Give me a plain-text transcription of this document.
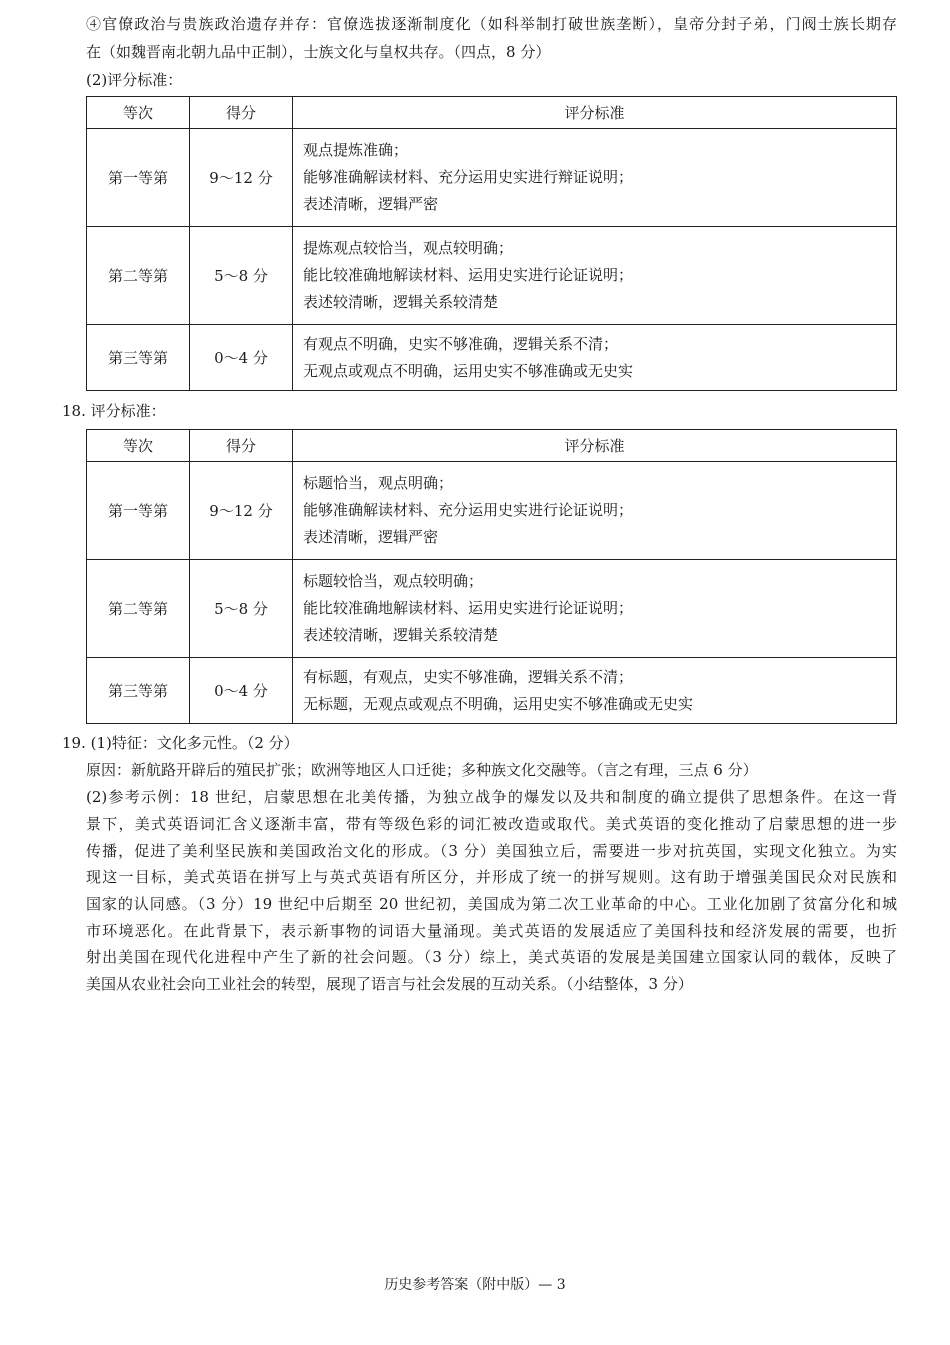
④官僚政治与贵族政治遗存并存：官僚选拔逐渐制度化（如科举制打破世族垄断），皇帝分封子弟，门阀士族长期存
在（如魏晋南北朝九品中正制），士族文化与皇权共存。（四点，8 分）
(2)评分标准：
等次	得分	评分标准
第一等第	9～12 分	观点提炼准确；
能够准确解读材料、充分运用史实进行辩证说明；
表述清晰，逻辑严密

第二等第	5～8 分	提炼观点较恰当，观点较明确；
能比较准确地解读材料、运用史实进行论证说明；
表述较清晰，逻辑关系较清楚

第三等第	0～4 分	有观点不明确，史实不够准确，逻辑关系不清；
无观点或观点不明确，运用史实不够准确或无史实
18. 评分标准：
等次	得分	评分标准
第一等第	9～12 分	标题恰当，观点明确；
能够准确解读材料、充分运用史实进行论证说明；
表述清晰，逻辑严密

第二等第	5～8 分	标题较恰当，观点较明确；
能比较准确地解读材料、运用史实进行论证说明；
表述较清晰，逻辑关系较清楚

第三等第	0～4 分	有标题，有观点，史实不够准确，逻辑关系不清；
无标题，无观点或观点不明确，运用史实不够准确或无史实
19. (1)特征：文化多元性。（2 分）
原因：新航路开辟后的殖民扩张；欧洲等地区人口迁徙；多种族文化交融等。（言之有理，三点 6 分）
(2)参考示例：18 世纪，启蒙思想在北美传播，为独立战争的爆发以及共和制度的确立提供了思想条件。在这一背
景下，美式英语词汇含义逐渐丰富，带有等级色彩的词汇被改造或取代。美式英语的变化推动了启蒙思想的进一步
传播，促进了美利坚民族和美国政治文化的形成。（3 分）美国独立后，需要进一步对抗英国，实现文化独立。为实
现这一目标，美式英语在拼写上与英式英语有所区分，并形成了统一的拼写规则。这有助于增强美国民众对民族和
国家的认同感。（3 分）19 世纪中后期至 20 世纪初，美国成为第二次工业革命的中心。工业化加剧了贫富分化和城
市环境恶化。在此背景下，表示新事物的词语大量涌现。美式英语的发展适应了美国科技和经济发展的需要，也折
射出美国在现代化进程中产生了新的社会问题。（3 分）综上，美式英语的发展是美国建立国家认同的载体，反映了
美国从农业社会向工业社会的转型，展现了语言与社会发展的互动关系。（小结整体，3 分）
历史参考答案（附中版）— 3
